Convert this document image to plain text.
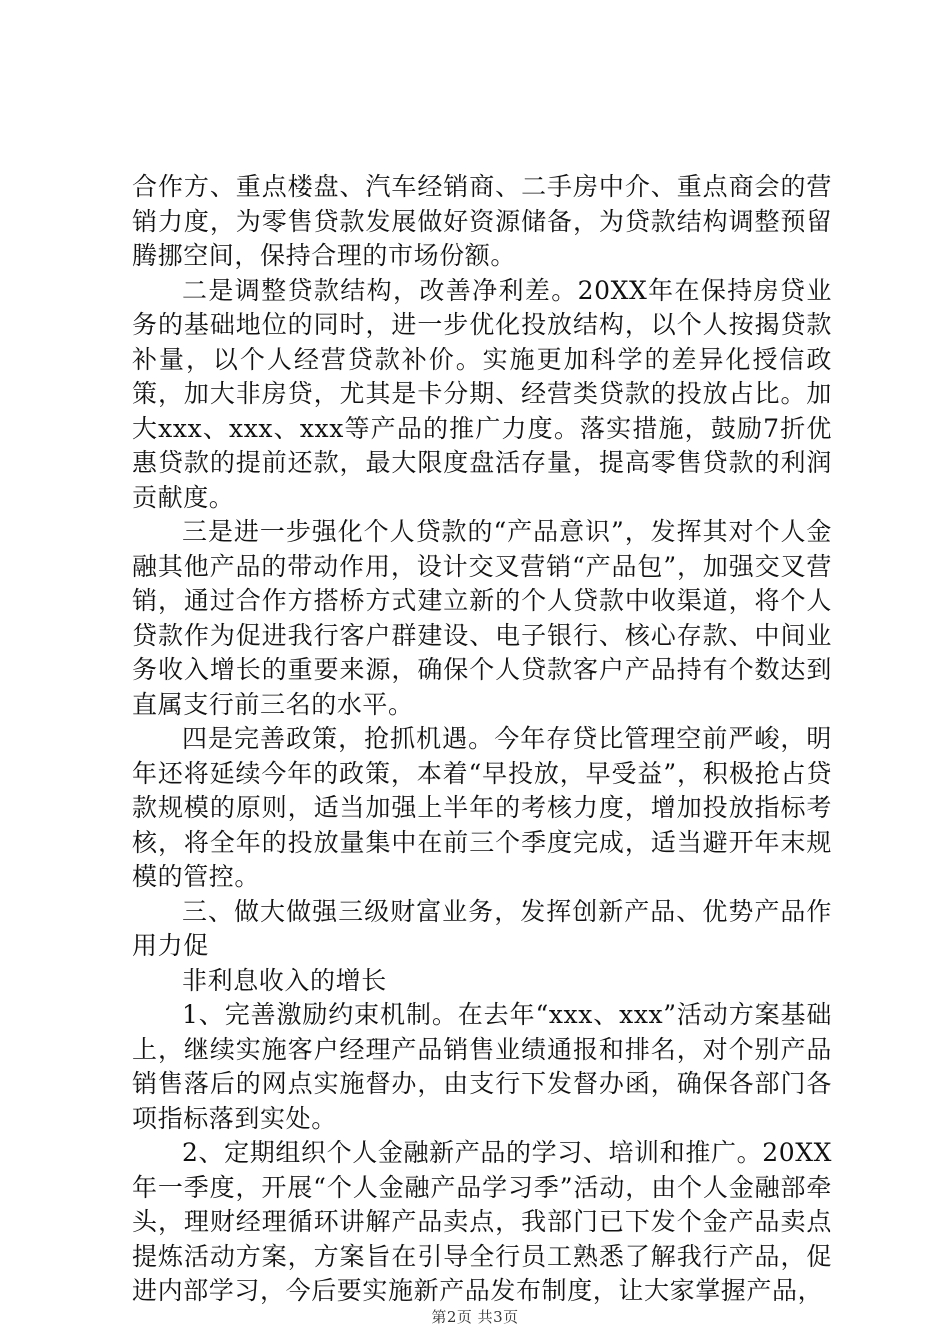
合作方、重点楼盘、汽车经销商、二手房中介、重点商会的营销力度，为零售贷款发展做好资源储备，为贷款结构调整预留腾挪空间，保持合理的市场份额。

二是调整贷款结构，改善净利差。20XX年在保持房贷业务的基础地位的同时，进一步优化投放结构，以个人按揭贷款补量，以个人经营贷款补价。实施更加科学的差异化授信政策，加大非房贷，尤其是卡分期、经营类贷款的投放占比。加大xxx、xxx、xxx等产品的推广力度。落实措施，鼓励7折优惠贷款的提前还款，最大限度盘活存量，提高零售贷款的利润贡献度。

三是进一步强化个人贷款的“产品意识”，发挥其对个人金融其他产品的带动作用，设计交叉营销“产品包”，加强交叉营销，通过合作方搭桥方式建立新的个人贷款中收渠道，将个人贷款作为促进我行客户群建设、电子银行、核心存款、中间业务收入增长的重要来源，确保个人贷款客户产品持有个数达到直属支行前三名的水平。

四是完善政策，抢抓机遇。今年存贷比管理空前严峻，明年还将延续今年的政策，本着“早投放，早受益”，积极抢占贷款规模的原则，适当加强上半年的考核力度，增加投放指标考核，将全年的投放量集中在前三个季度完成，适当避开年末规模的管控。

三、做大做强三级财富业务，发挥创新产品、优势产品作用力促

非利息收入的增长

1、完善激励约束机制。在去年“xxx、xxx”活动方案基础上，继续实施客户经理产品销售业绩通报和排名，对个别产品销售落后的网点实施督办，由支行下发督办函，确保各部门各项指标落到实处。

2、定期组织个人金融新产品的学习、培训和推广。20XX年一季度，开展“个人金融产品学习季”活动，由个人金融部牵头，理财经理循环讲解产品卖点，我部门已下发个金产品卖点提炼活动方案，方案旨在引导全行员工熟悉了解我行产品，促进内部学习，今后要实施新产品发布制度，让大家掌握产品，

第2页 共3页
